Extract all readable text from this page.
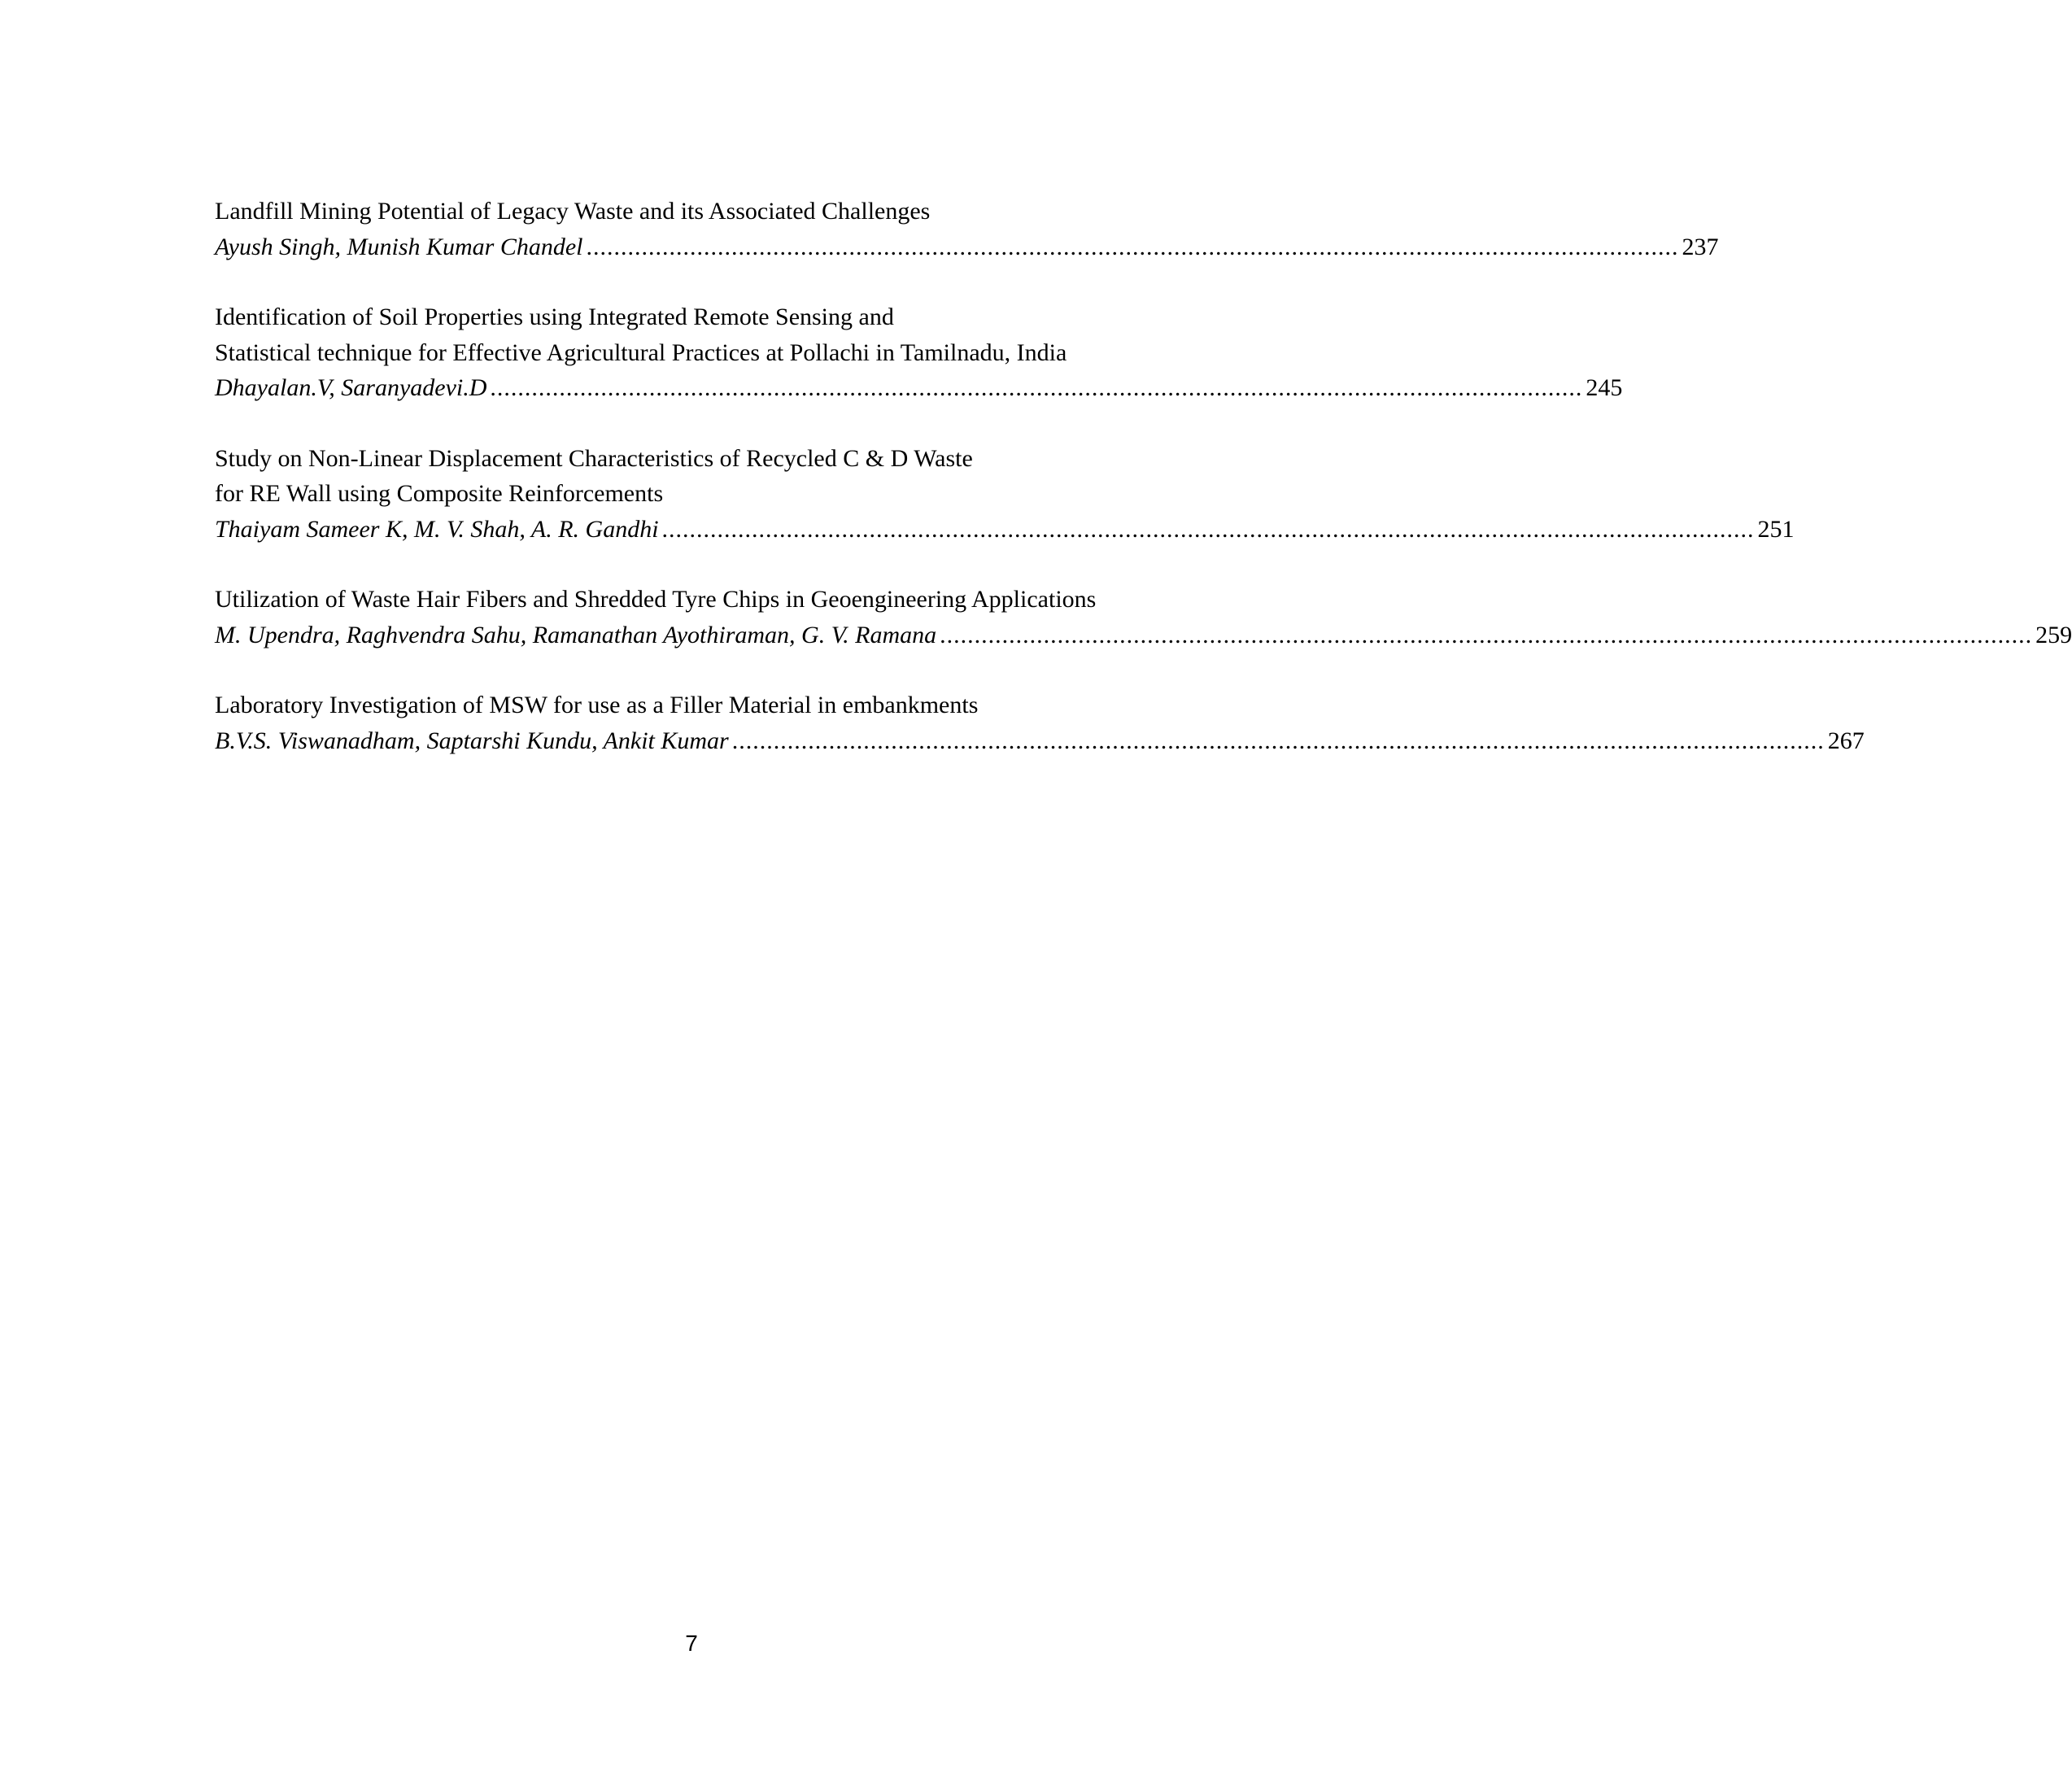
Landfill Mining Potential of Legacy Waste and its Associated Challenges
Ayush Singh, Munish Kumar Chandel .............................................................................................................................................................. 237
Identification of Soil Properties using Integrated Remote Sensing and
Statistical technique for Effective Agricultural Practices at Pollachi in Tamilnadu, India
Dhayalan.V, Saranyadevi.D .............................................................................................................................................................. 245
Study on Non-Linear Displacement Characteristics of Recycled C & D Waste
for RE Wall using Composite Reinforcements
Thaiyam Sameer K, M. V. Shah, A. R. Gandhi .............................................................................................................................................................. 251
Utilization of Waste Hair Fibers and Shredded Tyre Chips in Geoengineering Applications
M. Upendra, Raghvendra Sahu, Ramanathan Ayothiraman, G. V. Ramana .............................................................................................................................................................. 259
Laboratory Investigation of MSW for use as a Filler Material in embankments
B.V.S. Viswanadham, Saptarshi Kundu, Ankit Kumar .............................................................................................................................................................. 267
7
